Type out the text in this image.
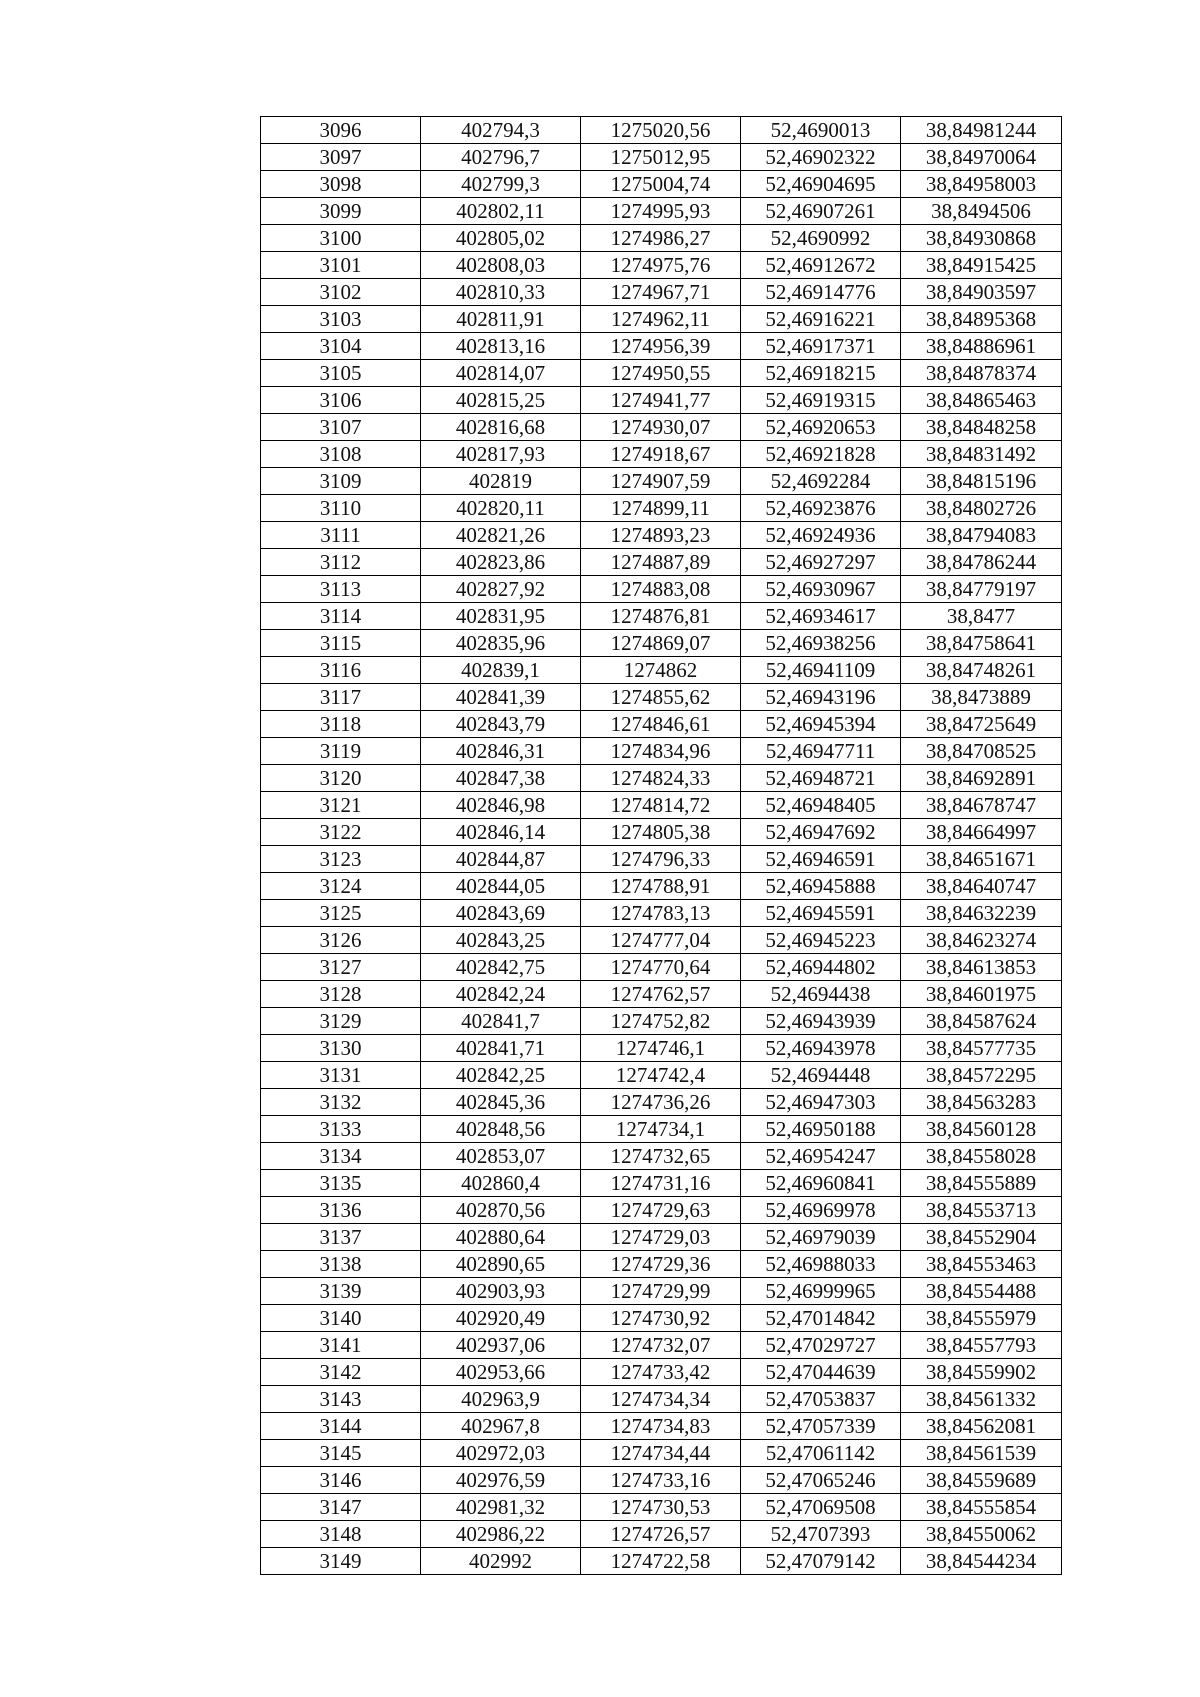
3096	402794,3	1275020,56	52,4690013	38,84981244
3097	402796,7	1275012,95	52,46902322	38,84970064
3098	402799,3	1275004,74	52,46904695	38,84958003
3099	402802,11	1274995,93	52,46907261	38,8494506
3100	402805,02	1274986,27	52,4690992	38,84930868
3101	402808,03	1274975,76	52,46912672	38,84915425
3102	402810,33	1274967,71	52,46914776	38,84903597
3103	402811,91	1274962,11	52,46916221	38,84895368
3104	402813,16	1274956,39	52,46917371	38,84886961
3105	402814,07	1274950,55	52,46918215	38,84878374
3106	402815,25	1274941,77	52,46919315	38,84865463
3107	402816,68	1274930,07	52,46920653	38,84848258
3108	402817,93	1274918,67	52,46921828	38,84831492
3109	402819	1274907,59	52,4692284	38,84815196
3110	402820,11	1274899,11	52,46923876	38,84802726
3111	402821,26	1274893,23	52,46924936	38,84794083
3112	402823,86	1274887,89	52,46927297	38,84786244
3113	402827,92	1274883,08	52,46930967	38,84779197
3114	402831,95	1274876,81	52,46934617	38,8477
3115	402835,96	1274869,07	52,46938256	38,84758641
3116	402839,1	1274862	52,46941109	38,84748261
3117	402841,39	1274855,62	52,46943196	38,8473889
3118	402843,79	1274846,61	52,46945394	38,84725649
3119	402846,31	1274834,96	52,46947711	38,84708525
3120	402847,38	1274824,33	52,46948721	38,84692891
3121	402846,98	1274814,72	52,46948405	38,84678747
3122	402846,14	1274805,38	52,46947692	38,84664997
3123	402844,87	1274796,33	52,46946591	38,84651671
3124	402844,05	1274788,91	52,46945888	38,84640747
3125	402843,69	1274783,13	52,46945591	38,84632239
3126	402843,25	1274777,04	52,46945223	38,84623274
3127	402842,75	1274770,64	52,46944802	38,84613853
3128	402842,24	1274762,57	52,4694438	38,84601975
3129	402841,7	1274752,82	52,46943939	38,84587624
3130	402841,71	1274746,1	52,46943978	38,84577735
3131	402842,25	1274742,4	52,4694448	38,84572295
3132	402845,36	1274736,26	52,46947303	38,84563283
3133	402848,56	1274734,1	52,46950188	38,84560128
3134	402853,07	1274732,65	52,46954247	38,84558028
3135	402860,4	1274731,16	52,46960841	38,84555889
3136	402870,56	1274729,63	52,46969978	38,84553713
3137	402880,64	1274729,03	52,46979039	38,84552904
3138	402890,65	1274729,36	52,46988033	38,84553463
3139	402903,93	1274729,99	52,46999965	38,84554488
3140	402920,49	1274730,92	52,47014842	38,84555979
3141	402937,06	1274732,07	52,47029727	38,84557793
3142	402953,66	1274733,42	52,47044639	38,84559902
3143	402963,9	1274734,34	52,47053837	38,84561332
3144	402967,8	1274734,83	52,47057339	38,84562081
3145	402972,03	1274734,44	52,47061142	38,84561539
3146	402976,59	1274733,16	52,47065246	38,84559689
3147	402981,32	1274730,53	52,47069508	38,84555854
3148	402986,22	1274726,57	52,4707393	38,84550062
3149	402992	1274722,58	52,47079142	38,84544234
